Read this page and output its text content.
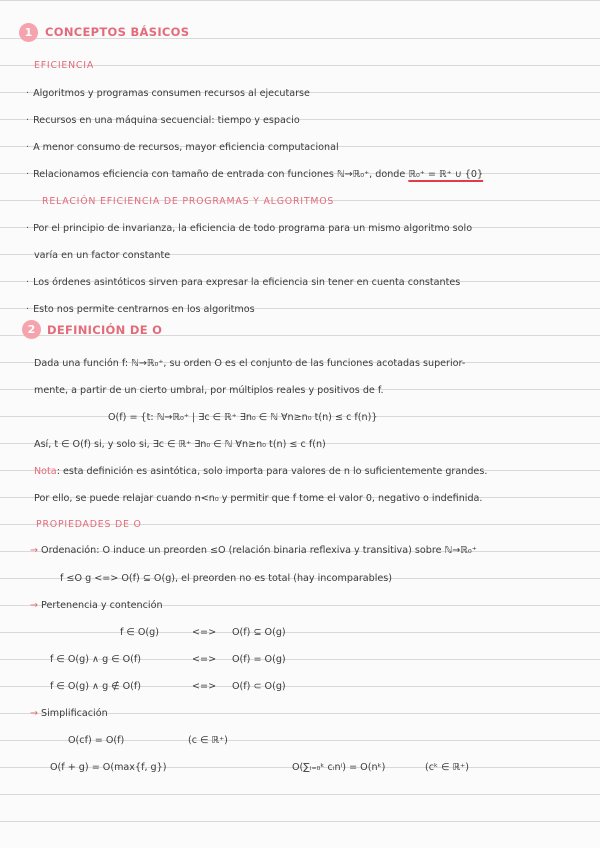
1	CONCEPTOS BÁSICOS
EFICIENCIA
· Algoritmos y programas consumen recursos al ejecutarse
· Recursos en una máquina secuencial: tiempo y espacio
· A menor consumo de recursos, mayor eficiencia computacional
· Relacionamos eficiencia con tamaño de entrada con funciones ℕ→ℝ₀⁺, donde ℝ₀⁺ = ℝ⁺ ∪ {0}
RELACIÓN EFICIENCIA DE PROGRAMAS Y ALGORITMOS
· Por el principio de invarianza, la eficiencia de todo programa para un mismo algoritmo solo
varía en un factor constante
· Los órdenes asintóticos sirven para expresar la eficiencia sin tener en cuenta constantes
· Esto nos permite centrarnos en los algoritmos
2	DEFINICIÓN DE O
Dada una función f: ℕ→ℝ₀⁺, su orden O es el conjunto de las funciones acotadas superior-
mente, a partir de un cierto umbral, por múltiplos reales y positivos de f.
O(f) = {t: ℕ→ℝ₀⁺ | ∃c ∈ ℝ⁺ ∃n₀ ∈ ℕ ∀n≥n₀ t(n) ≤ c f(n)}
Así, t ∈ O(f) si, y solo si, ∃c ∈ ℝ⁺ ∃n₀ ∈ ℕ ∀n≥n₀ t(n) ≤ c f(n)
Nota: esta definición es asintótica, solo importa para valores de n lo suficientemente grandes.
Por ello, se puede relajar cuando n<n₀ y permitir que f tome el valor 0, negativo o indefinida.
PROPIEDADES DE O
→ Ordenación: O induce un preorden ≤O (relación binaria reflexiva y transitiva) sobre ℕ→ℝ₀⁺
f ≤O g <=> O(f) ⊆ O(g), el preorden no es total (hay incomparables)
→ Pertenencia y contención
f ∈ O(g)	<=> O(f) ⊆ O(g)
f ∈ O(g) ∧ g ∈ O(f)	<=> O(f) = O(g)
f ∈ O(g) ∧ g ∉ O(f)	<=> O(f) ⊂ O(g)
→ Simplificación
O(cf) = O(f)	(c ∈ ℝ⁺)
O(f + g) = O(max{f, g})	O(∑ᵢ₌₀ᵏ cᵢnⁱ) = O(nᵏ)	(cᵏ ∈ ℝ⁺)
